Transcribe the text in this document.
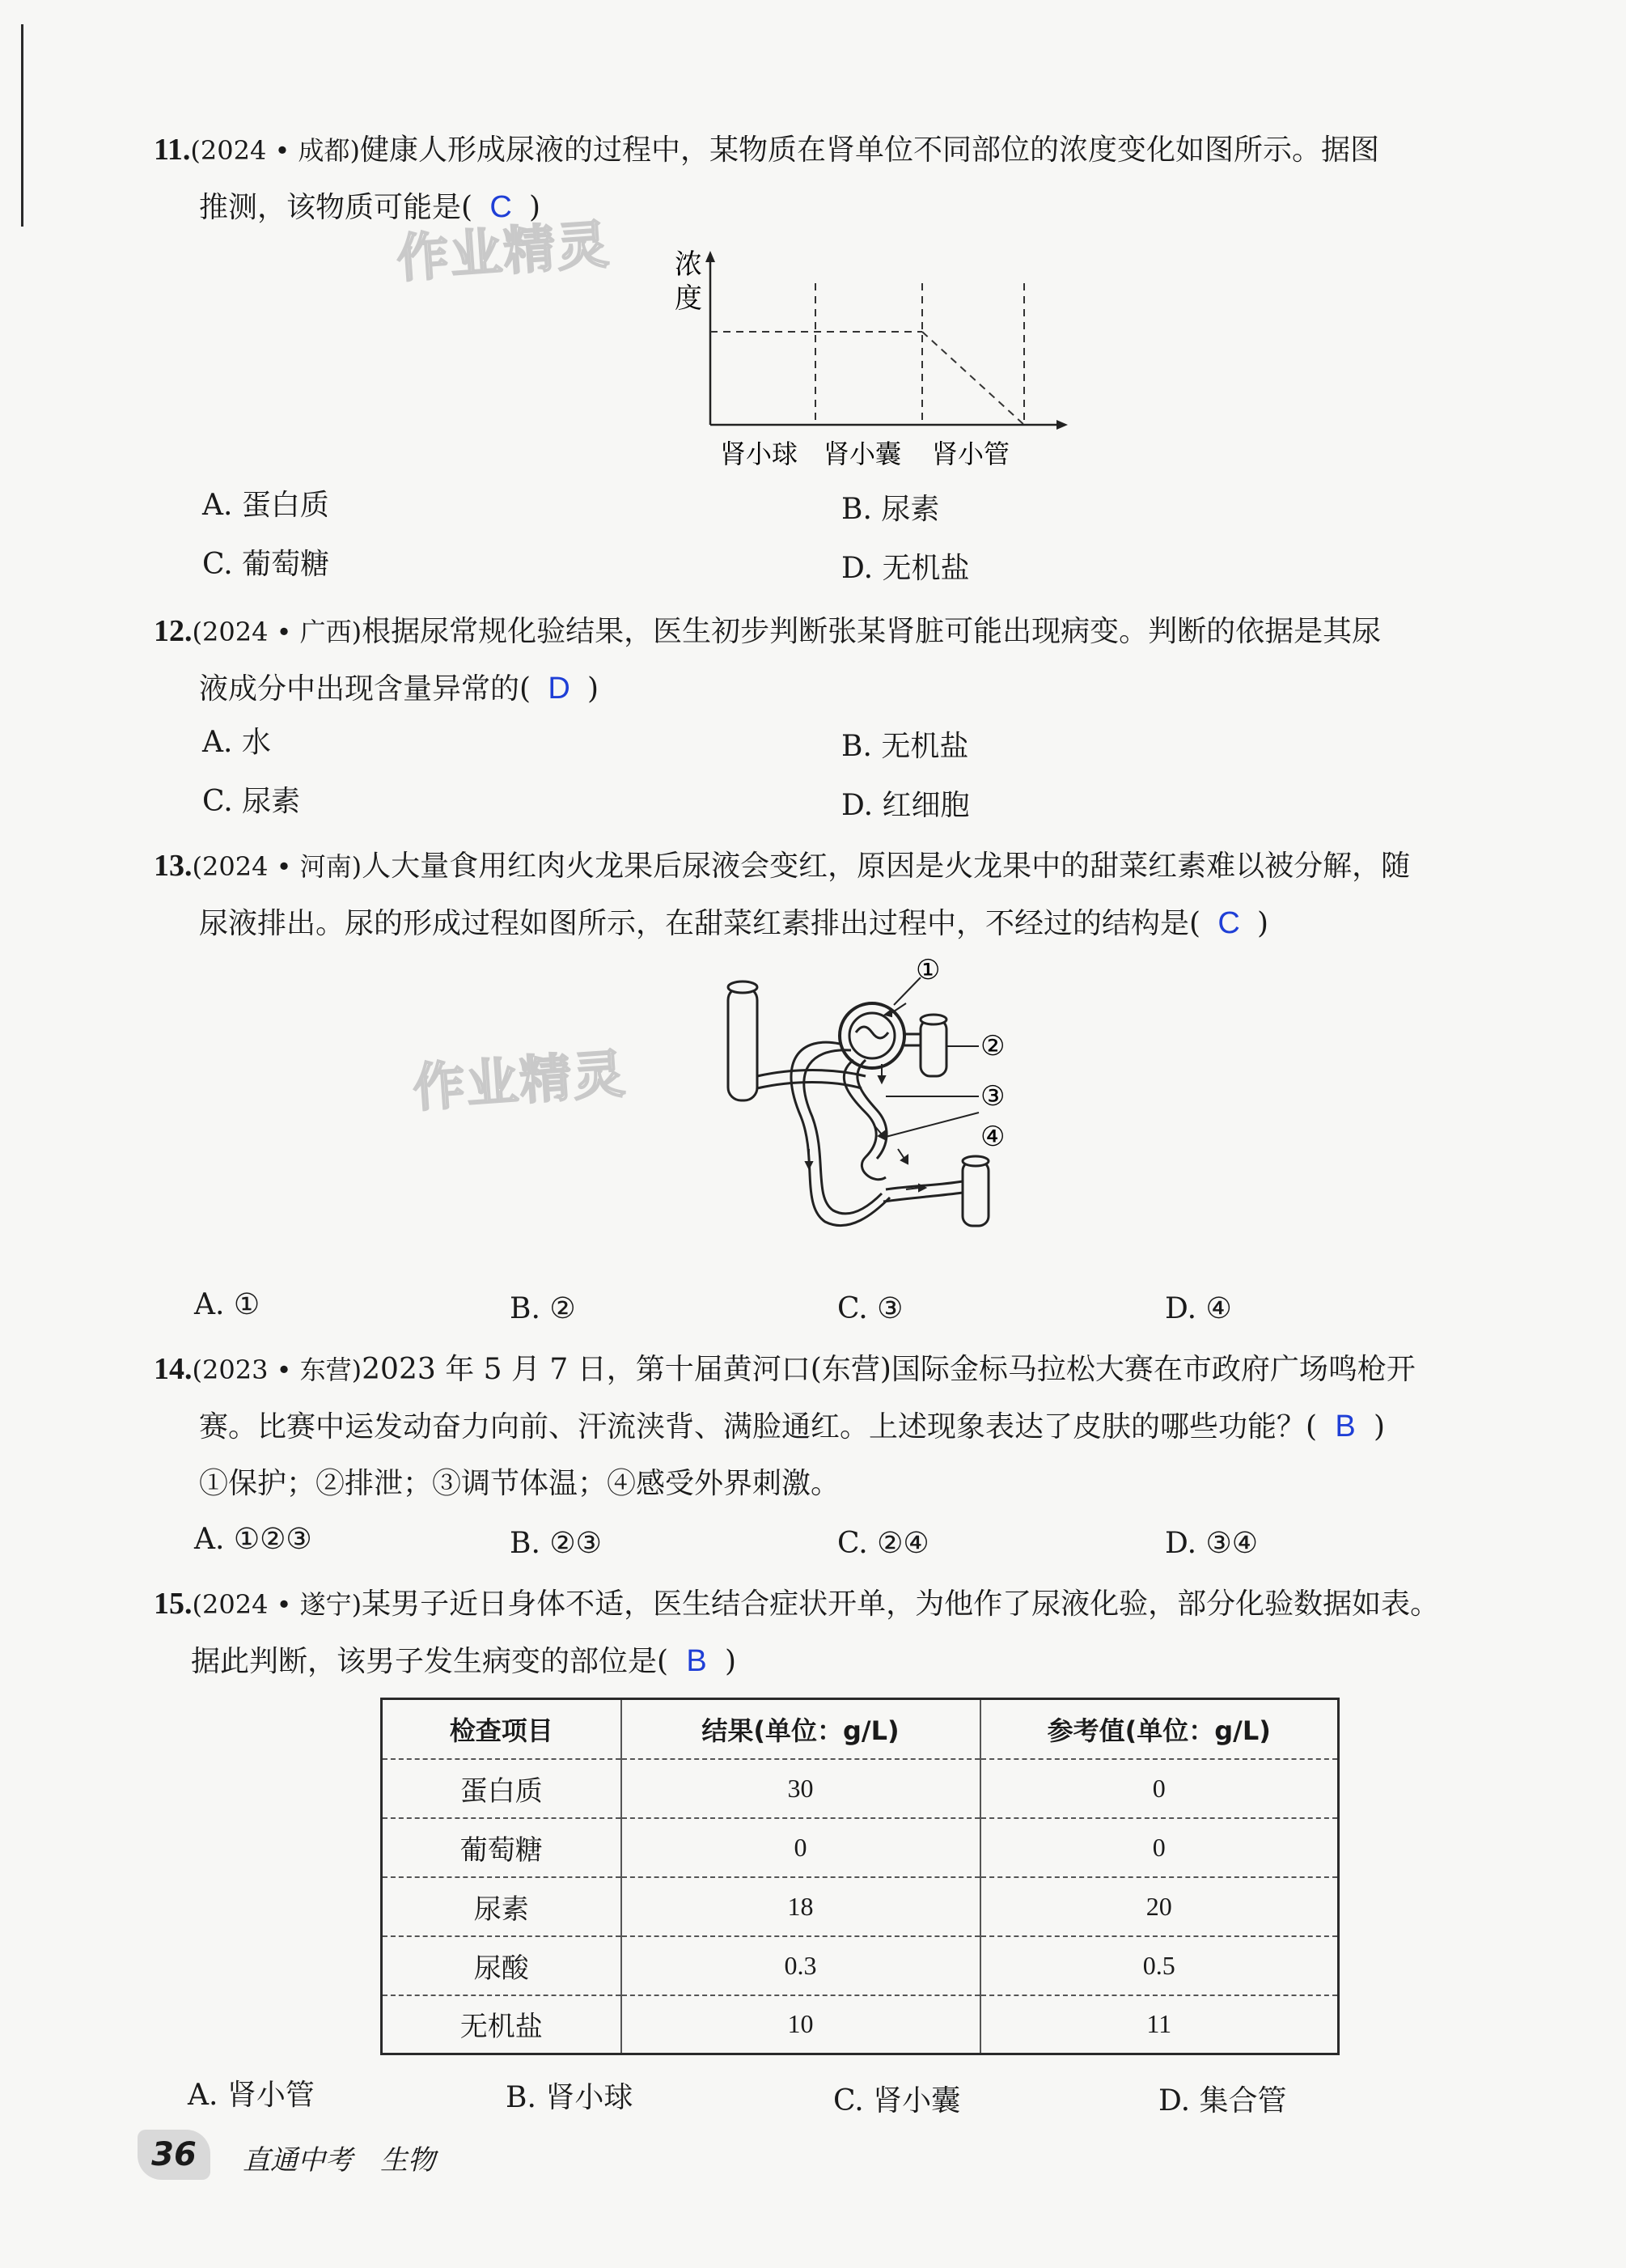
11.(2024 • 成都)健康人形成尿液的过程中，某物质在肾单位不同部位的浓度变化如图所示。据图
推测，该物质可能是( C )
作业精灵 浓
度
肾小球 肾小囊 肾小管
A. 蛋白质	B. 尿素
C. 葡萄糖	D. 无机盐
12.(2024 • 广西)根据尿常规化验结果，医生初步判断张某肾脏可能出现病变。判断的依据是其尿
液成分中出现含量异常的( D )
A. 水	B. 无机盐
C. 尿素	D. 红细胞
13.(2024 • 河南)人大量食用红肉火龙果后尿液会变红，原因是火龙果中的甜菜红素难以被分解，随
尿液排出。尿的形成过程如图所示，在甜菜红素排出过程中，不经过的结构是( C )
作业精灵
①
②
③
④
A. ①	B. ②	C. ③	D. ④
14.(2023 • 东营)2023 年 5 月 7 日，第十届黄河口(东营)国际金标马拉松大赛在市政府广场鸣枪开
赛。比赛中运发动奋力向前、汗流浃背、满脸通红。上述现象表达了皮肤的哪些功能？( B )
①保护；②排泄；③调节体温；④感受外界刺激。
A. ①②③	B. ②③	C. ②④	D. ③④
15.(2024 • 遂宁)某男子近日身体不适，医生结合症状开单，为他作了尿液化验，部分化验数据如表。
据此判断，该男子发生病变的部位是( B )
检查项目	结果(单位：g/L)	参考值(单位：g/L)
蛋白质	30	0
葡萄糖	0	0
尿素	18	20
尿酸	0.3	0.5
无机盐	10	11
A. 肾小管	B. 肾小球	C. 肾小囊	D. 集合管
36	直通中考　生物
